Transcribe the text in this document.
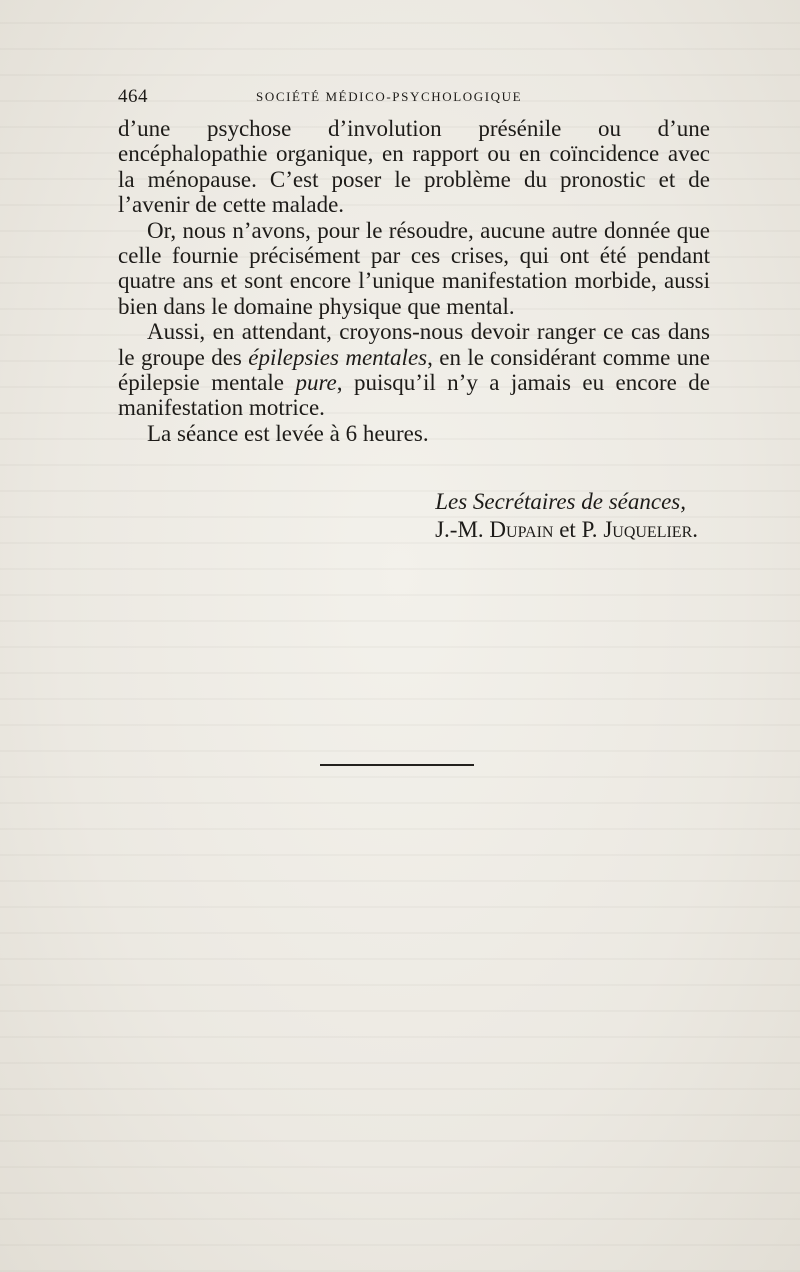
464	SOCIÉTÉ MÉDICO-PSYCHOLOGIQUE

d’une psychose d’involution présénile ou d’une encéphalopathie organique, en rapport ou en coïncidence avec la ménopause. C’est poser le problème du pronostic et de l’avenir de cette malade.

Or, nous n’avons, pour le résoudre, aucune autre donnée que celle fournie précisément par ces crises, qui ont été pendant quatre ans et sont encore l’unique manifestation morbide, aussi bien dans le domaine physique que mental.

Aussi, en attendant, croyons-nous devoir ranger ce cas dans le groupe des épilepsies mentales, en le considérant comme une épilepsie mentale pure, puisqu’il n’y a jamais eu encore de manifestation motrice.

La séance est levée à 6 heures.

Les Secrétaires de séances,
J.-M. Dupain et P. Juquelier.
